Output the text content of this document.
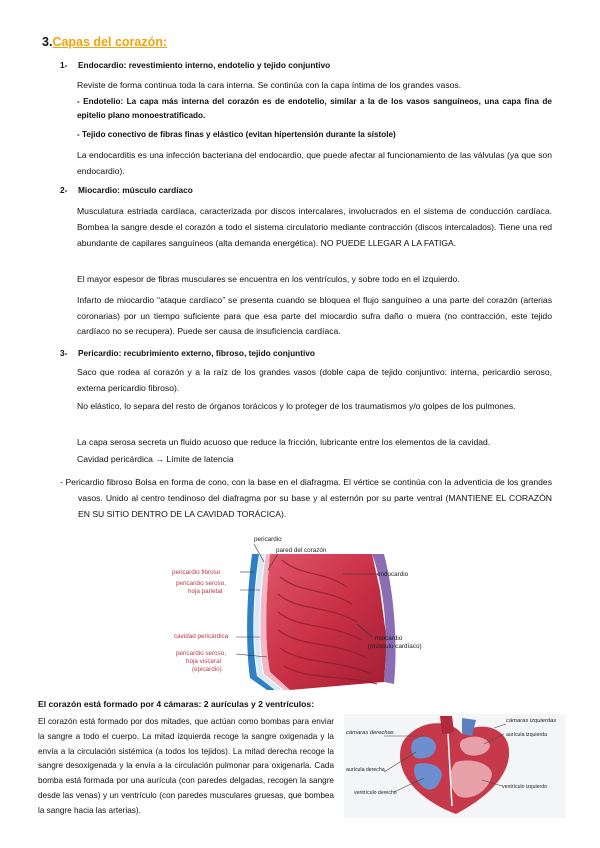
3.Capas del corazón:
1- Endocardio: revestimiento interno, endotelio y tejido conjuntivo
Reviste de forma continua toda la cara interna. Se continúa con la capa íntima de los grandes vasos.
- Endotelio: La capa más interna del corazón es de endotelio, similar a la de los vasos sanguíneos, una capa fina de epitelio plano monoestratificado.
- Tejido conectivo de fibras finas y elástico (evitan hipertensión durante la sístole)
La endocarditis es una infección bacteriana del endocardio, que puede afectar al funcionamiento de las válvulas (ya que son endocardio).
2- Miocardio: músculo cardíaco
Musculatura estriada cardíaca, caracterizada por discos intercalares, involucrados en el sistema de conducción cardíaca. Bombea la sangre desde el corazón a todo el sistema circulatorio mediante contracción (discos intercalados). Tiene una red abundante de capilares sanguíneos (alta demanda energética). NO PUEDE LLEGAR A LA FATIGA.
El mayor espesor de fibras musculares se encuentra en los ventrículos, y sobre todo en el izquierdo.
Infarto de miocardio “ataque cardíaco” se presenta cuando se bloquea el flujo sanguíneo a una parte del corazón (arterias coronarias) por un tiempo suficiente para que esa parte del miocardio sufra daño o muera (no contracción, este tejido cardíaco no se recupera). Puede ser causa de insuficiencia cardíaca.
3- Pericardio: recubrimiento externo, fibroso, tejido conjuntivo
Saco que rodea al corazón y a la raíz de los grandes vasos (doble capa de tejido conjuntivo: interna, pericardio seroso, externa pericardio fibroso).
No elástico, lo separa del resto de órganos torácicos y lo proteger de los traumatismos y/o golpes de los pulmones.
La capa serosa secreta un fluido acuoso que reduce la fricción, lubricante entre los elementos de la cavidad.
Cavidad pericárdica → Límite de latencia
- Pericardio fibroso Bolsa en forma de cono, con la base en el diafragma. El vértice se continúa con la adventicia de los grandes vasos. Unido al centro tendinoso del diafragma por su base y al esternón por su parte ventral (MANTIENE EL CORAZÓN EN SU SITIO DENTRO DE LA CAVIDAD TORÁCICA).
pericardio fibroso
pericardio seroso,
hoja parietal
cavidad pericárdica
pericardio seroso,
hoja visceral
(epicardio)
pericardio
pared del corazón
endocardio
miocardio
(músculo cardíaco)
El corazón está formado por 4 cámaras: 2 aurículas y 2 ventrículos:
El corazón está formado por dos mitades, que actúan como bombas para enviar la sangre a todo el cuerpo. La mitad izquierda recoge la sangre oxigenada y la envía a la circulación sistémica (a todos los tejidos). La mitad derecha recoge la sangre desoxigenada y la envía a la circulación pulmonar para oxigenarla. Cada bomba está formada por una aurícula (con paredes delgadas, recogen la sangre desde las venas) y un ventrículo (con paredes musculares gruesas, que bombea la sangre hacia las arterias).
cámaras derechas
cámaras izquierdas
aurícula izquierda
aurícula derecha
ventrículo derecho
ventrículo izquierdo
